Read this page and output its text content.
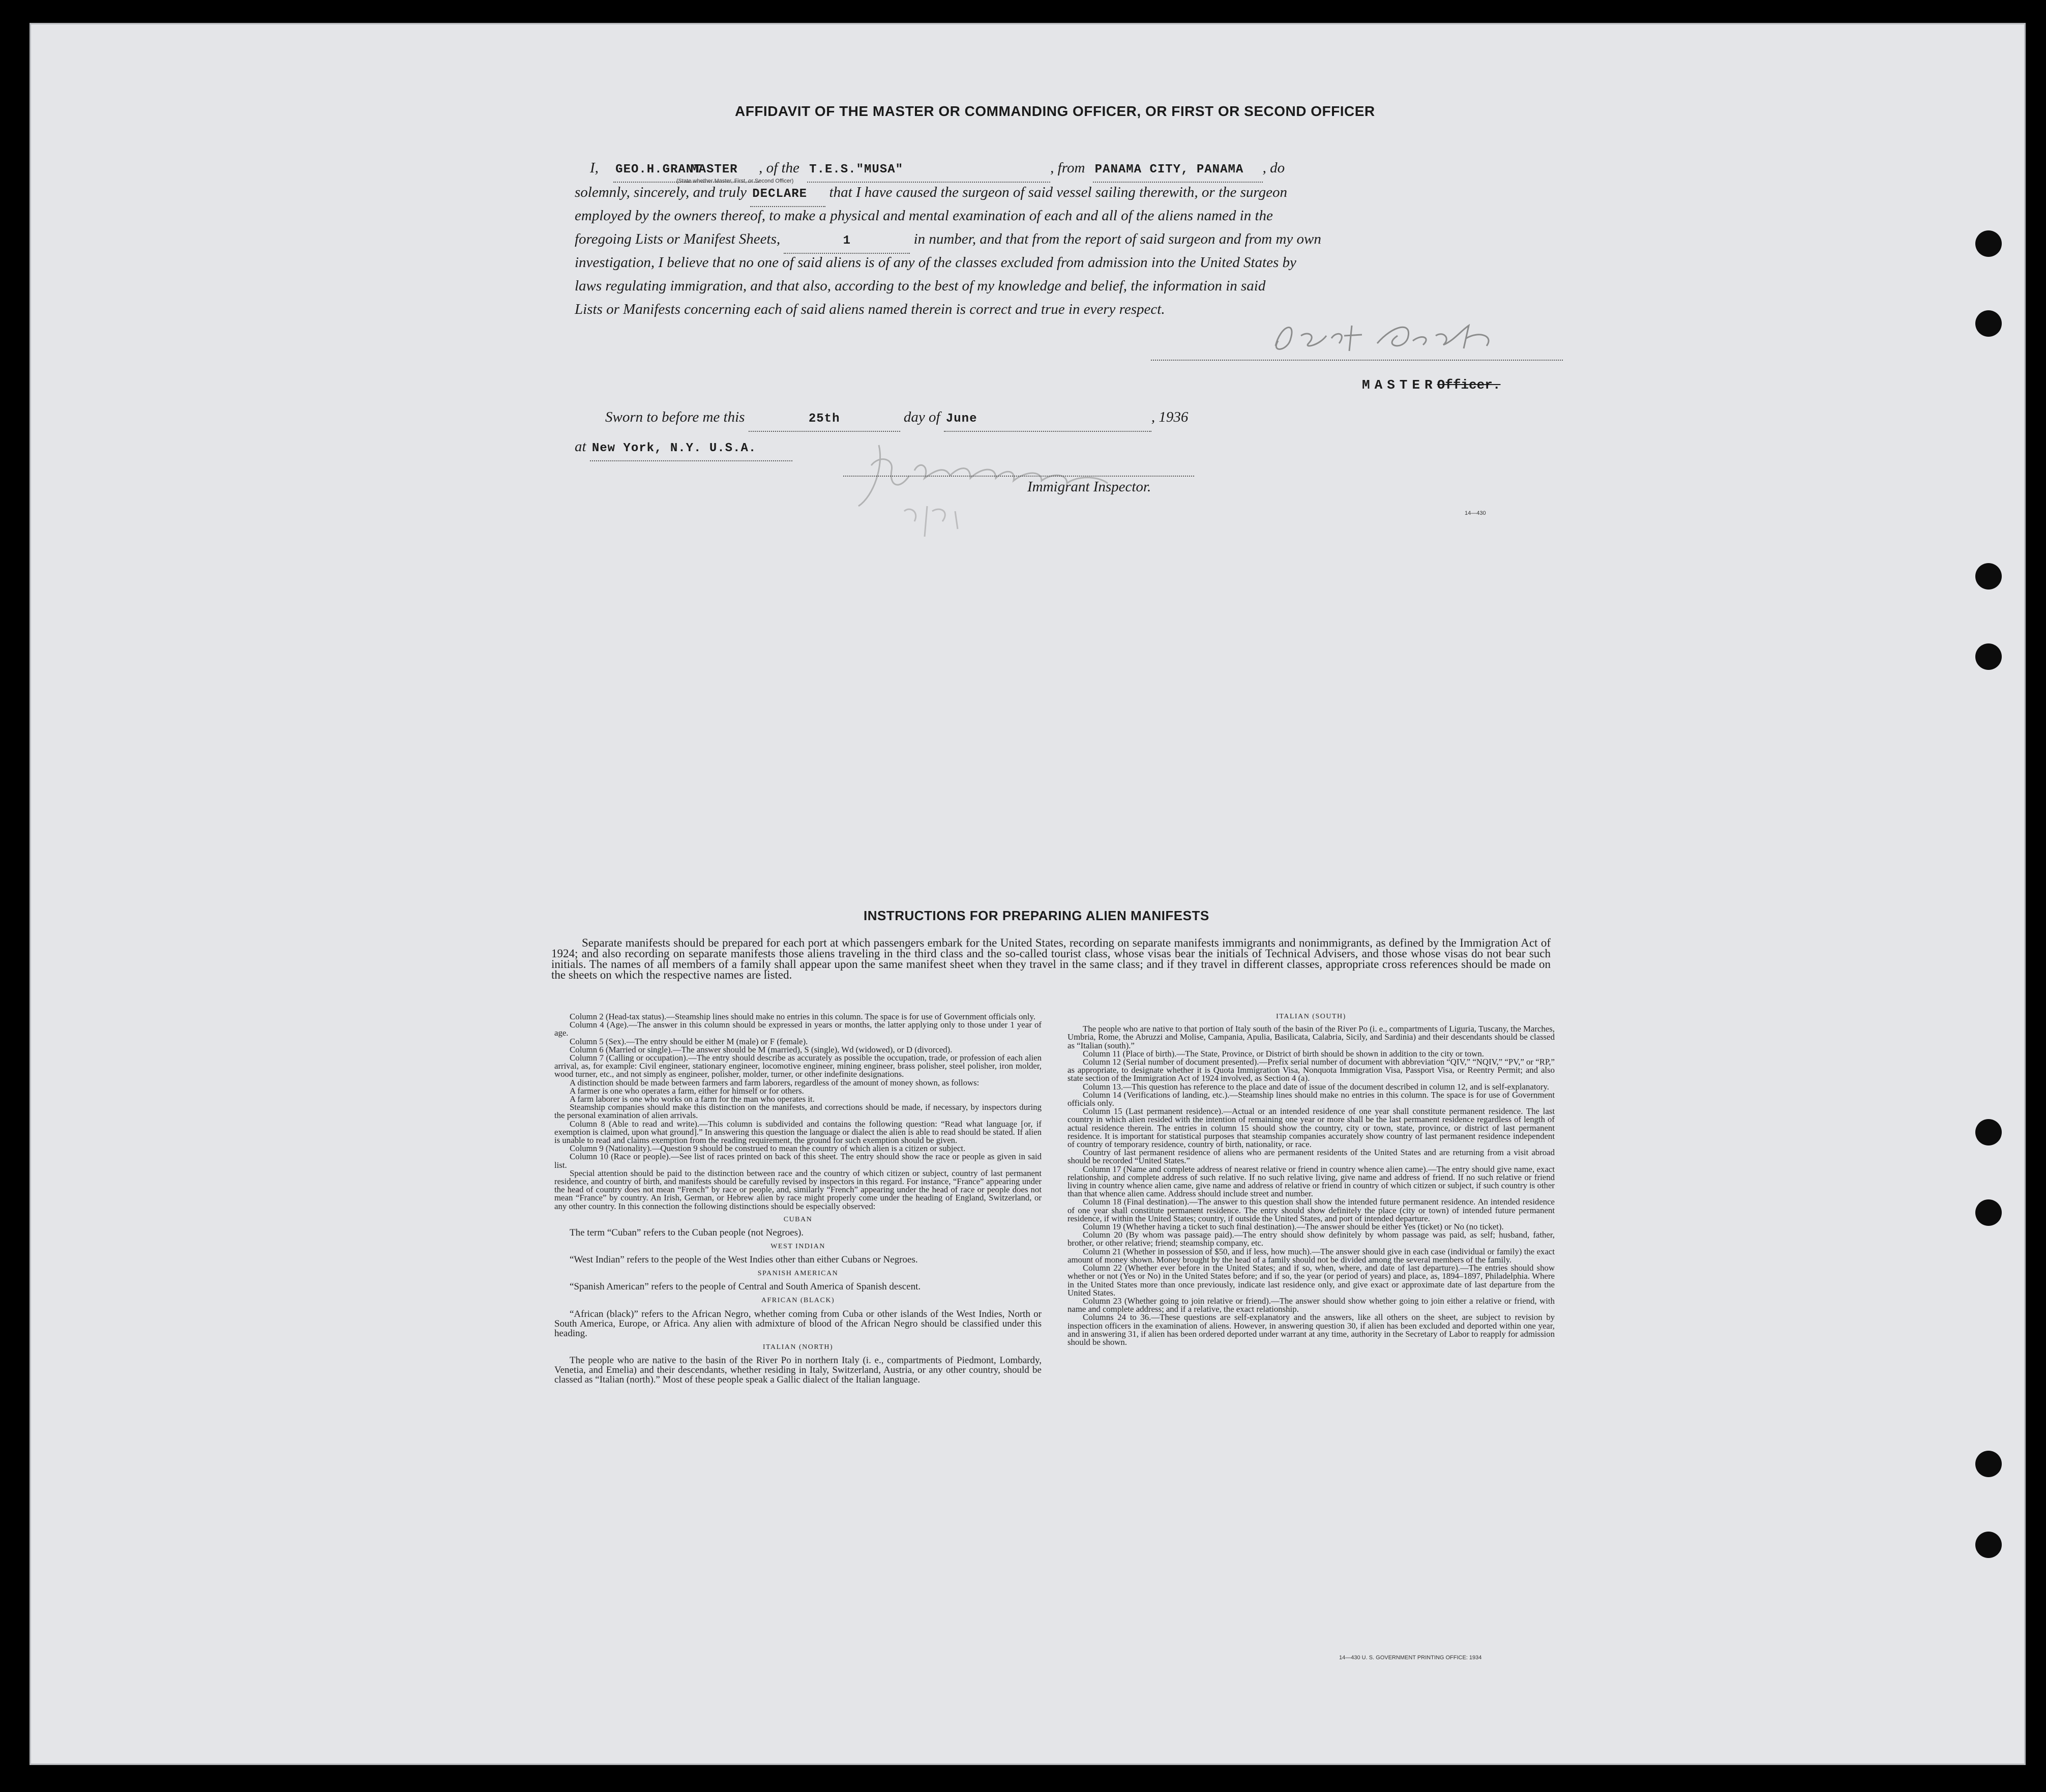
AFFIDAVIT OF THE MASTER OR COMMANDING OFFICER, OR FIRST OR SECOND OFFICER
I, GEO.H.GRANTMASTER , of the T.E.S."MUSA"	, from PANAMA CITY, PANAMA , do
(State whether Master, First, or Second Officer)
solemnly, sincerely, and truly DECLARE that I have caused the surgeon of said vessel sailing therewith, or the surgeon
employed by the owners thereof, to make a physical and mental examination of each and all of the aliens named in the
foregoing Lists or Manifest Sheets,	1	in number, and that from the report of said surgeon and from my own
investigation, I believe that no one of said aliens is of any of the classes excluded from admission into the United States by
laws regulating immigration, and that also, according to the best of my knowledge and belief, the information in said
Lists or Manifests concerning each of said aliens named therein is correct and true in every respect.
MASTEROfficer.
Sworn to before me this	25th	day of June	, 1936
at New York, N.Y. U.S.A.
Immigrant Inspector.
14—430
INSTRUCTIONS FOR PREPARING ALIEN MANIFESTS

Separate manifests should be prepared for each port at which passengers embark for the United States, recording on separate manifests immigrants and nonimmigrants, as defined by the Immigration Act of 1924; and also recording on separate manifests those aliens traveling in the third class and the so-called tourist class, whose visas bear the initials of Technical Advisers, and those whose visas do not bear such initials. The names of all members of a family shall appear upon the same manifest sheet when they travel in the same class; and if they travel in different classes, appropriate cross references should be made on the sheets on which the respective names are listed.

Column 2 (Head-tax status).—Steamship lines should make no entries in this column. The space is for use of Government officials only.

Column 4 (Age).—The answer in this column should be expressed in years or months, the latter applying only to those under 1 year of age.

Column 5 (Sex).—The entry should be either M (male) or F (female).

Column 6 (Married or single).—The answer should be M (married), S (single), Wd (widowed), or D (divorced).

Column 7 (Calling or occupation).—The entry should describe as accurately as possible the occupation, trade, or profession of each alien arrival, as, for example: Civil engineer, stationary engineer, locomotive engineer, mining engineer, brass polisher, steel polisher, iron molder, wood turner, etc., and not simply as engineer, polisher, molder, turner, or other indefinite designations.

A distinction should be made between farmers and farm laborers, regardless of the amount of money shown, as follows:

A farmer is one who operates a farm, either for himself or for others.

A farm laborer is one who works on a farm for the man who operates it.

Steamship companies should make this distinction on the manifests, and corrections should be made, if necessary, by inspectors during the personal examination of alien arrivals.

Column 8 (Able to read and write).—This column is subdivided and contains the following question: “Read what language [or, if exemption is claimed, upon what ground].” In answering this question the language or dialect the alien is able to read should be stated. If alien is unable to read and claims exemption from the reading requirement, the ground for such exemption should be given.

Column 9 (Nationality).—Question 9 should be construed to mean the country of which alien is a citizen or subject.

Column 10 (Race or people).—See list of races printed on back of this sheet. The entry should show the race or people as given in said list.

Special attention should be paid to the distinction between race and the country of which citizen or subject, country of last permanent residence, and country of birth, and manifests should be carefully revised by inspectors in this regard. For instance, “France” appearing under the head of country does not mean “French” by race or people, and, similarly “French” appearing under the head of race or people does not mean “France” by country. An Irish, German, or Hebrew alien by race might properly come under the heading of England, Switzerland, or any other country. In this connection the following distinctions should be especially observed:

CUBAN

The term “Cuban” refers to the Cuban people (not Negroes).

WEST INDIAN

“West Indian” refers to the people of the West Indies other than either Cubans or Negroes.

SPANISH AMERICAN

“Spanish American” refers to the people of Central and South America of Spanish descent.

AFRICAN (BLACK)

“African (black)” refers to the African Negro, whether coming from Cuba or other islands of the West Indies, North or South America, Europe, or Africa. Any alien with admixture of blood of the African Negro should be classified under this heading.

ITALIAN (NORTH)

The people who are native to the basin of the River Po in northern Italy (i. e., compartments of Piedmont, Lombardy, Venetia, and Emelia) and their descendants, whether residing in Italy, Switzerland, Austria, or any other country, should be classed as “Italian (north).” Most of these people speak a Gallic dialect of the Italian language.

ITALIAN (SOUTH)

The people who are native to that portion of Italy south of the basin of the River Po (i. e., compartments of Liguria, Tuscany, the Marches, Umbria, Rome, the Abruzzi and Molise, Campania, Apulia, Basilicata, Calabria, Sicily, and Sardinia) and their descendants should be classed as “Italian (south).”

Column 11 (Place of birth).—The State, Province, or District of birth should be shown in addition to the city or town.

Column 12 (Serial number of document presented).—Prefix serial number of document with abbreviation “QIV,” “NQIV,” “PV,” or “RP,” as appropriate, to designate whether it is Quota Immigration Visa, Nonquota Immigration Visa, Passport Visa, or Reentry Permit; and also state section of the Immigration Act of 1924 involved, as Section 4 (a).

Column 13.—This question has reference to the place and date of issue of the document described in column 12, and is self-explanatory.

Column 14 (Verifications of landing, etc.).—Steamship lines should make no entries in this column. The space is for use of Government officials only.

Column 15 (Last permanent residence).—Actual or an intended residence of one year shall constitute permanent residence. The last country in which alien resided with the intention of remaining one year or more shall be the last permanent residence regardless of length of actual residence therein. The entries in column 15 should show the country, city or town, state, province, or district of last permanent residence. It is important for statistical purposes that steamship companies accurately show country of last permanent residence independent of country of temporary residence, country of birth, nationality, or race.

Country of last permanent residence of aliens who are permanent residents of the United States and are returning from a visit abroad should be recorded “United States.”

Column 17 (Name and complete address of nearest relative or friend in country whence alien came).—The entry should give name, exact relationship, and complete address of such relative. If no such relative living, give name and address of friend. If no such relative or friend living in country whence alien came, give name and address of relative or friend in country of which citizen or subject, if such country is other than that whence alien came. Address should include street and number.

Column 18 (Final destination).—The answer to this question shall show the intended future permanent residence. An intended residence of one year shall constitute permanent residence. The entry should show definitely the place (city or town) of intended future permanent residence, if within the United States; country, if outside the United States, and port of intended departure.

Column 19 (Whether having a ticket to such final destination).—The answer should be either Yes (ticket) or No (no ticket).

Column 20 (By whom was passage paid).—The entry should show definitely by whom passage was paid, as self; husband, father, brother, or other relative; friend; steamship company, etc.

Column 21 (Whether in possession of $50, and if less, how much).—The answer should give in each case (individual or family) the exact amount of money shown. Money brought by the head of a family should not be divided among the several members of the family.

Column 22 (Whether ever before in the United States; and if so, when, where, and date of last departure).—The entries should show whether or not (Yes or No) in the United States before; and if so, the year (or period of years) and place, as, 1894–1897, Philadelphia. Where in the United States more than once previously, indicate last residence only, and give exact or approximate date of last departure from the United States.

Column 23 (Whether going to join relative or friend).—The answer should show whether going to join either a relative or friend, with name and complete address; and if a relative, the exact relationship.

Columns 24 to 36.—These questions are self-explanatory and the answers, like all others on the sheet, are subject to revision by inspection officers in the examination of aliens. However, in answering question 30, if alien has been excluded and deported within one year, and in answering 31, if alien has been ordered deported under warrant at any time, authority in the Secretary of Labor to reapply for admission should be shown.

14—430 U. S. GOVERNMENT PRINTING OFFICE: 1934
